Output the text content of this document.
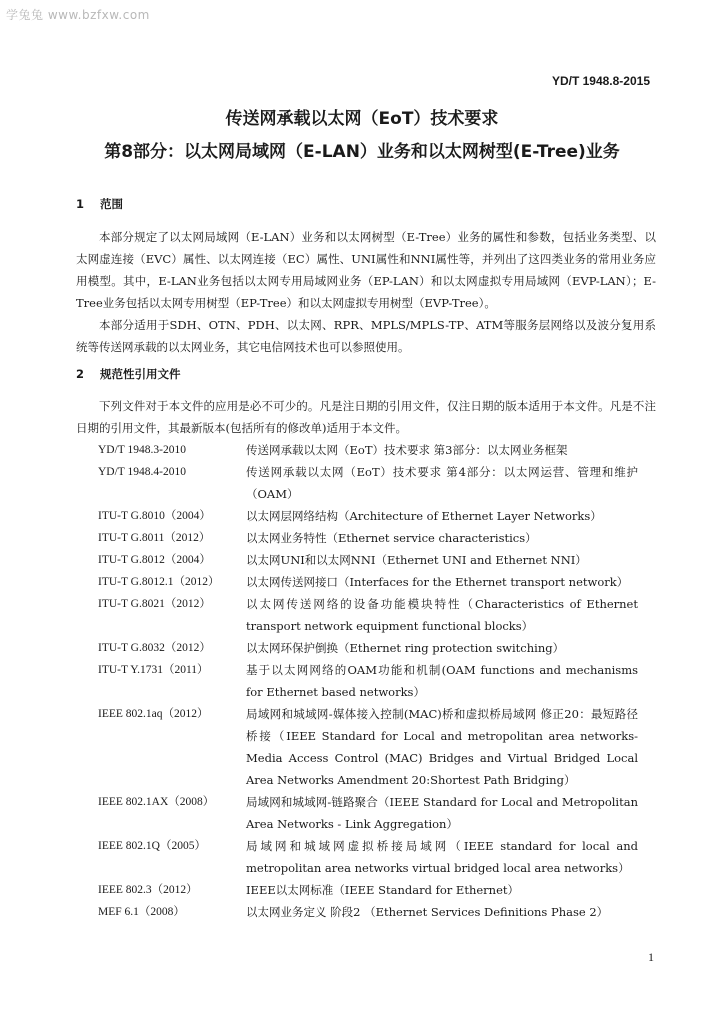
学兔兔 www.bzfxw.com
YD/T 1948.8-2015
传送网承载以太网（EoT）技术要求
第8部分：以太网局域网（E-LAN）业务和以太网树型(E-Tree)业务
1 范围
本部分规定了以太网局域网（E-LAN）业务和以太网树型（E-Tree）业务的属性和参数，包括业务类型、以太网虚连接（EVC）属性、以太网连接（EC）属性、UNI属性和NNI属性等，并列出了这四类业务的常用业务应用模型。其中，E-LAN业务包括以太网专用局域网业务（EP-LAN）和以太网虚拟专用局域网（EVP-LAN）；E-Tree业务包括以太网专用树型（EP-Tree）和以太网虚拟专用树型（EVP-Tree）。
本部分适用于SDH、OTN、PDH、以太网、RPR、MPLS/MPLS-TP、ATM等服务层网络以及波分复用系统等传送网承载的以太网业务，其它电信网技术也可以参照使用。
2 规范性引用文件
下列文件对于本文件的应用是必不可少的。凡是注日期的引用文件，仅注日期的版本适用于本文件。凡是不注日期的引用文件，其最新版本(包括所有的修改单)适用于本文件。
YD/T 1948.3-2010	传送网承载以太网（EoT）技术要求 第3部分：以太网业务框架
YD/T 1948.4-2010	传送网承载以太网（EoT）技术要求 第4部分：以太网运营、管理和维护（OAM）
ITU-T G.8010（2004）	以太网层网络结构（Architecture of Ethernet Layer Networks）
ITU-T G.8011（2012）	以太网业务特性（Ethernet service characteristics）
ITU-T G.8012（2004）	以太网UNI和以太网NNI（Ethernet UNI and Ethernet NNI）
ITU-T G.8012.1（2012）	以太网传送网接口（Interfaces for the Ethernet transport network）
ITU-T G.8021（2012）	以太网传送网络的设备功能模块特性（Characteristics of Ethernet transport network equipment functional blocks）
ITU-T G.8032（2012）	以太网环保护倒换（Ethernet ring protection switching）
ITU-T Y.1731（2011）	基于以太网网络的OAM功能和机制(OAM functions and mechanisms for Ethernet based networks）
IEEE 802.1aq（2012）	局域网和城域网-媒体接入控制(MAC)桥和虚拟桥局域网 修正20：最短路径桥接（IEEE Standard for Local and metropolitan area networks-Media Access Control (MAC) Bridges and Virtual Bridged Local Area Networks Amendment 20:Shortest Path Bridging）
IEEE 802.1AX（2008）	局域网和城域网-链路聚合（IEEE Standard for Local and Metropolitan Area Networks - Link Aggregation）
IEEE 802.1Q（2005）	局域网和城域网虚拟桥接局域网（IEEE standard for local and metropolitan area networks virtual bridged local area networks）
IEEE 802.3（2012）	IEEE以太网标准（IEEE Standard for Ethernet）
MEF 6.1（2008）	以太网业务定义 阶段2 （Ethernet Services Definitions Phase 2）
1
